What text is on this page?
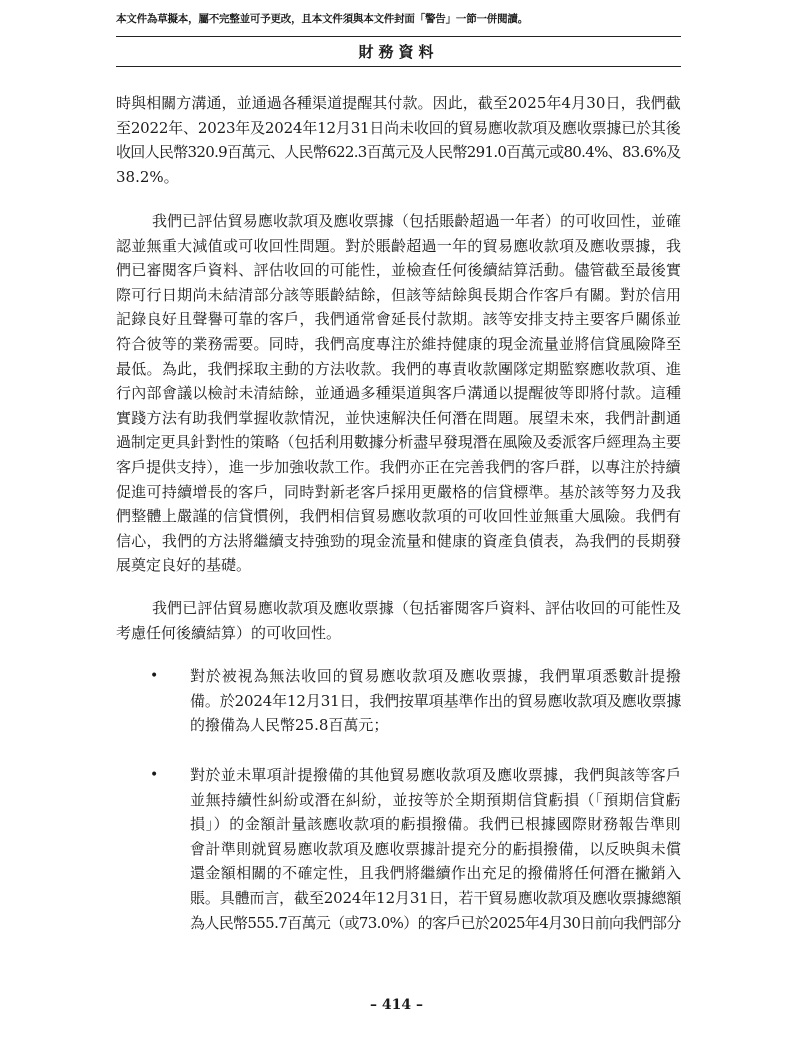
本文件為草擬本，屬不完整並可予更改，且本文件須與本文件封面「警告」一節一併閱讀。
財務資料
時與相關方溝通，並通過各種渠道提醒其付款。因此，截至2025年4月30日，我們截
至2022年、2023年及2024年12月31日尚未收回的貿易應收款項及應收票據已於其後
收回人民幣320.9百萬元、人民幣622.3百萬元及人民幣291.0百萬元或80.4%、83.6%及
38.2%。
我們已評估貿易應收款項及應收票據（包括賬齡超過一年者）的可收回性，並確
認並無重大減值或可收回性問題。對於賬齡超過一年的貿易應收款項及應收票據，我
們已審閱客戶資料、評估收回的可能性，並檢查任何後續結算活動。儘管截至最後實
際可行日期尚未結清部分該等賬齡結餘，但該等結餘與長期合作客戶有關。對於信用
記錄良好且聲譽可靠的客戶，我們通常會延長付款期。該等安排支持主要客戶關係並
符合彼等的業務需要。同時，我們高度專注於維持健康的現金流量並將信貸風險降至
最低。為此，我們採取主動的方法收款。我們的專責收款團隊定期監察應收款項、進
行內部會議以檢討未清結餘，並通過多種渠道與客戶溝通以提醒彼等即將付款。這種
實踐方法有助我們掌握收款情況，並快速解決任何潛在問題。展望未來，我們計劃通
過制定更具針對性的策略（包括利用數據分析盡早發現潛在風險及委派客戶經理為主要
客戶提供支持），進一步加強收款工作。我們亦正在完善我們的客戶群，以專注於持續
促進可持續增長的客戶，同時對新老客戶採用更嚴格的信貸標準。基於該等努力及我
們整體上嚴謹的信貸慣例，我們相信貿易應收款項的可收回性並無重大風險。我們有
信心，我們的方法將繼續支持強勁的現金流量和健康的資產負債表，為我們的長期發
展奠定良好的基礎。
我們已評估貿易應收款項及應收票據（包括審閱客戶資料、評估收回的可能性及
考慮任何後續結算）的可收回性。
• 對於被視為無法收回的貿易應收款項及應收票據，我們單項悉數計提撥
備。於2024年12月31日，我們按單項基準作出的貿易應收款項及應收票據
的撥備為人民幣25.8百萬元；
• 對於並未單項計提撥備的其他貿易應收款項及應收票據，我們與該等客戶
並無持續性糾紛或潛在糾紛，並按等於全期預期信貸虧損（「預期信貸虧
損」）的金額計量該應收款項的虧損撥備。我們已根據國際財務報告準則
會計準則就貿易應收款項及應收票據計提充分的虧損撥備，以反映與未償
還金額相關的不確定性，且我們將繼續作出充足的撥備將任何潛在撇銷入
賬。具體而言，截至2024年12月31日，若干貿易應收款項及應收票據總額
為人民幣555.7百萬元（或73.0%）的客戶已於2025年4月30日前向我們部分
– 414 –
